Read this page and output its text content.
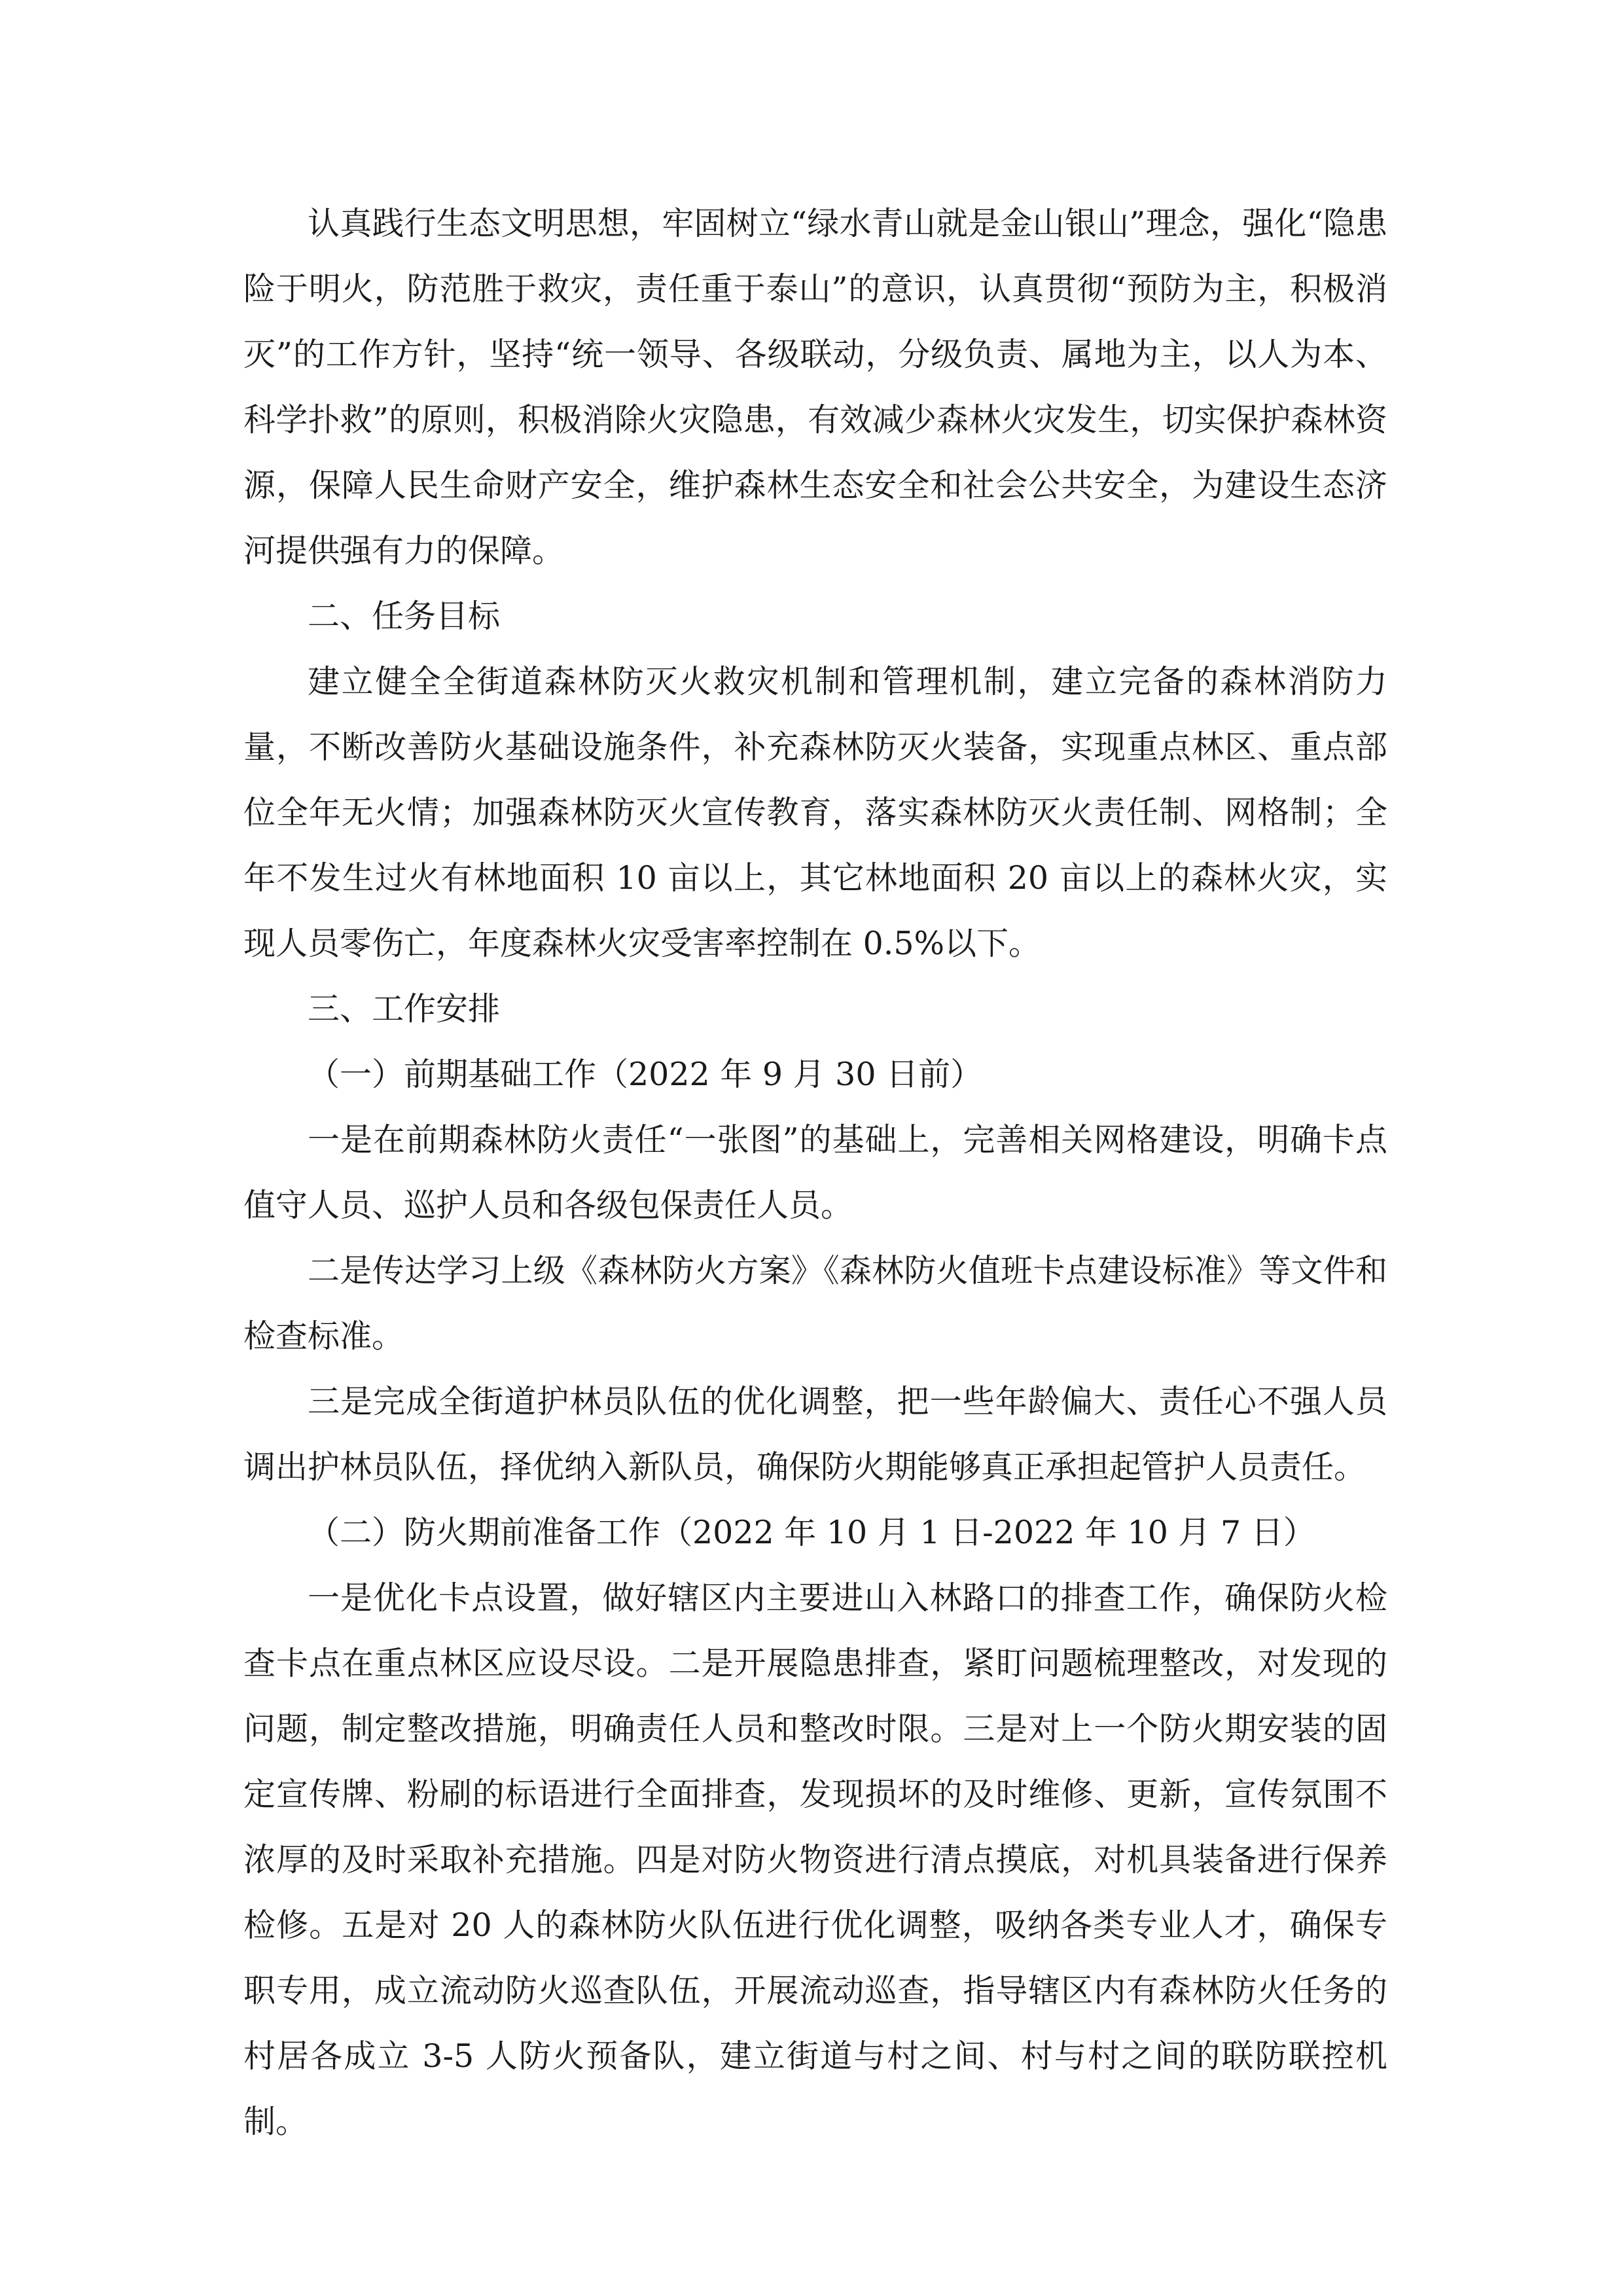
认真践行生态文明思想，牢固树立“绿水青山就是金山银山”理念，强化“隐患险于明火，防范胜于救灾，责任重于泰山”的意识，认真贯彻“预防为主，积极消灭”的工作方针，坚持“统一领导、各级联动，分级负责、属地为主，以人为本、科学扑救”的原则，积极消除火灾隐患，有效减少森林火灾发生，切实保护森林资源，保障人民生命财产安全，维护森林生态安全和社会公共安全，为建设生态济河提供强有力的保障。

二、任务目标

建立健全全街道森林防灭火救灾机制和管理机制，建立完备的森林消防力量，不断改善防火基础设施条件，补充森林防灭火装备，实现重点林区、重点部位全年无火情；加强森林防灭火宣传教育，落实森林防灭火责任制、网格制；全年不发生过火有林地面积 10 亩以上，其它林地面积 20 亩以上的森林火灾，实现人员零伤亡，年度森林火灾受害率控制在 0.5%以下。

三、工作安排

（一）前期基础工作（2022 年 9 月 30 日前）

一是在前期森林防火责任“一张图”的基础上，完善相关网格建设，明确卡点值守人员、巡护人员和各级包保责任人员。

二是传达学习上级《森林防火方案》《森林防火值班卡点建设标准》等文件和检查标准。

三是完成全街道护林员队伍的优化调整，把一些年龄偏大、责任心不强人员调出护林员队伍，择优纳入新队员，确保防火期能够真正承担起管护人员责任。

（二）防火期前准备工作（2022 年 10 月 1 日-2022 年 10 月 7 日）

一是优化卡点设置，做好辖区内主要进山入林路口的排查工作，确保防火检查卡点在重点林区应设尽设。二是开展隐患排查，紧盯问题梳理整改，对发现的问题，制定整改措施，明确责任人员和整改时限。三是对上一个防火期安装的固定宣传牌、粉刷的标语进行全面排查，发现损坏的及时维修、更新，宣传氛围不浓厚的及时采取补充措施。四是对防火物资进行清点摸底，对机具装备进行保养检修。五是对 20 人的森林防火队伍进行优化调整，吸纳各类专业人才，确保专职专用，成立流动防火巡查队伍，开展流动巡查，指导辖区内有森林防火任务的村居各成立 3-5 人防火预备队，建立街道与村之间、村与村之间的联防联控机制。
